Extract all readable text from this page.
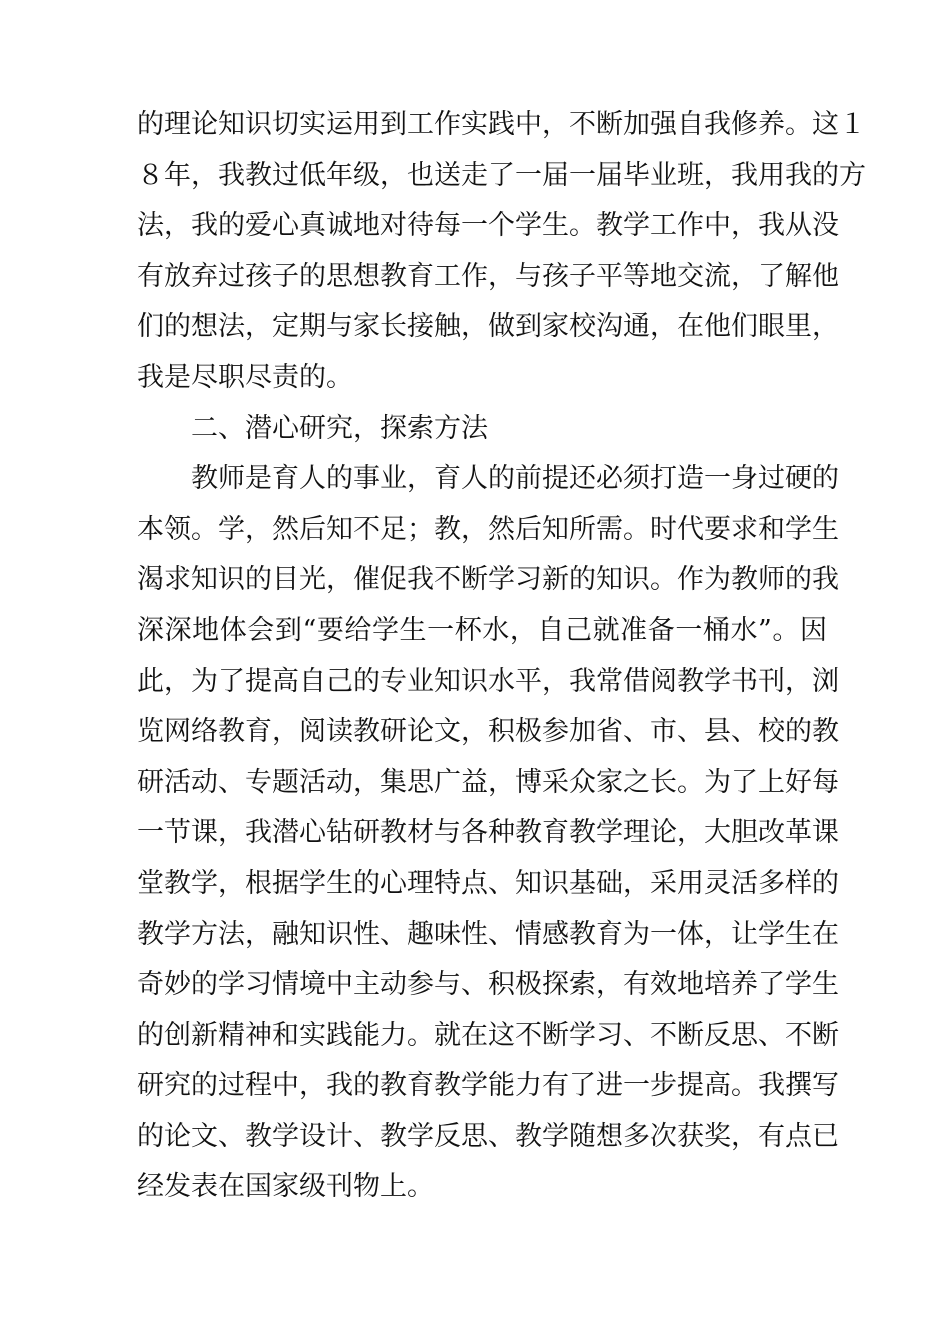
的理论知识切实运用到工作实践中，不断加强自我修养。这１
８年，我教过低年级，也送走了一届一届毕业班，我用我的方
法，我的爱心真诚地对待每一个学生。教学工作中，我从没
有放弃过孩子的思想教育工作，与孩子平等地交流，了解他
们的想法，定期与家长接触，做到家校沟通，在他们眼里，
我是尽职尽责的。
二、潜心研究，探索方法
教师是育人的事业，育人的前提还必须打造一身过硬的
本领。学，然后知不足；教，然后知所需。时代要求和学生
渴求知识的目光，催促我不断学习新的知识。作为教师的我
深深地体会到“要给学生一杯水，自己就准备一桶水”。因
此，为了提高自己的专业知识水平，我常借阅教学书刊，浏
览网络教育，阅读教研论文，积极参加省、市、县、校的教
研活动、专题活动，集思广益，博采众家之长。为了上好每
一节课，我潜心钻研教材与各种教育教学理论，大胆改革课
堂教学，根据学生的心理特点、知识基础，采用灵活多样的
教学方法，融知识性、趣味性、情感教育为一体，让学生在
奇妙的学习情境中主动参与、积极探索，有效地培养了学生
的创新精神和实践能力。就在这不断学习、不断反思、不断
研究的过程中，我的教育教学能力有了进一步提高。我撰写
的论文、教学设计、教学反思、教学随想多次获奖，有点已
经发表在国家级刊物上。
